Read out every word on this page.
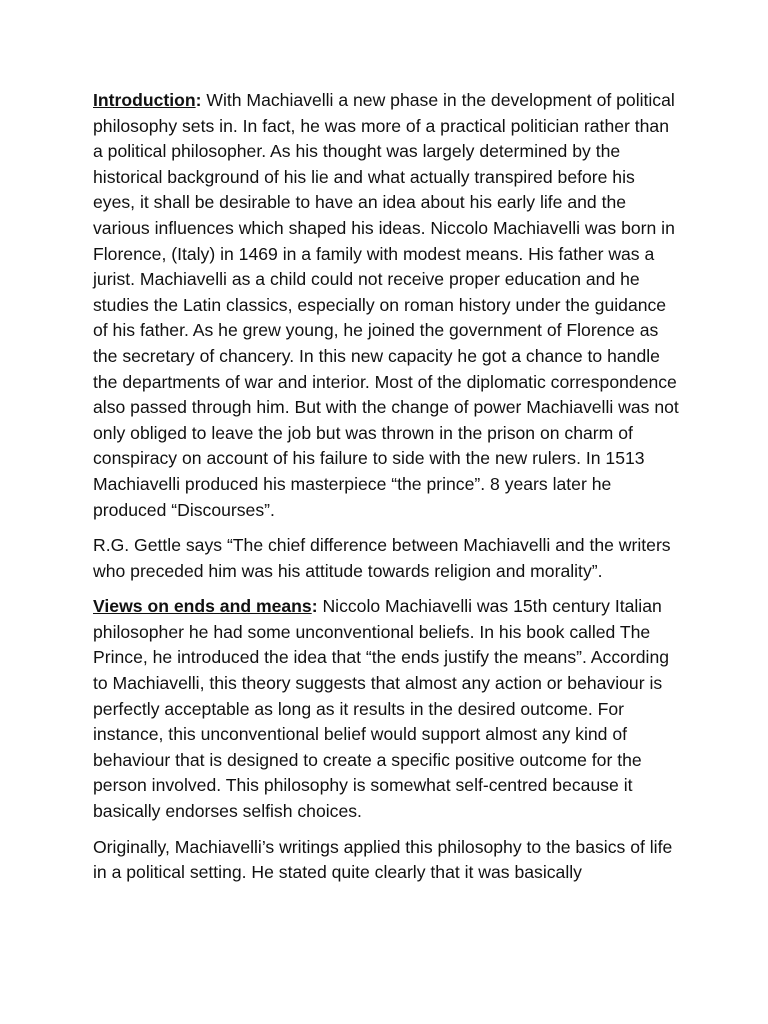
Introduction: With Machiavelli a new phase in the development of political philosophy sets in. In fact, he was more of a practical politician rather than a political philosopher. As his thought was largely determined by the historical background of his lie and what actually transpired before his eyes, it shall be desirable to have an idea about his early life and the various influences which shaped his ideas. Niccolo Machiavelli was born in Florence, (Italy) in 1469 in a family with modest means. His father was a jurist. Machiavelli as a child could not receive proper education and he studies the Latin classics, especially on roman history under the guidance of his father. As he grew young, he joined the government of Florence as the secretary of chancery. In this new capacity he got a chance to handle the departments of war and interior. Most of the diplomatic correspondence also passed through him. But with the change of power Machiavelli was not only obliged to leave the job but was thrown in the prison on charm of conspiracy on account of his failure to side with the new rulers. In 1513 Machiavelli produced his masterpiece “the prince”. 8 years later he produced “Discourses”.

R.G. Gettle says “The chief difference between Machiavelli and the writers who preceded him was his attitude towards religion and morality”.

Views on ends and means: Niccolo Machiavelli was 15th century Italian philosopher he had some unconventional beliefs. In his book called The Prince, he introduced the idea that “the ends justify the means”. According to Machiavelli, this theory suggests that almost any action or behaviour is perfectly acceptable as long as it results in the desired outcome. For instance, this unconventional belief would support almost any kind of behaviour that is designed to create a specific positive outcome for the person involved. This philosophy is somewhat self-centred because it basically endorses selfish choices.

Originally, Machiavelli’s writings applied this philosophy to the basics of life in a political setting. He stated quite clearly that it was basically
